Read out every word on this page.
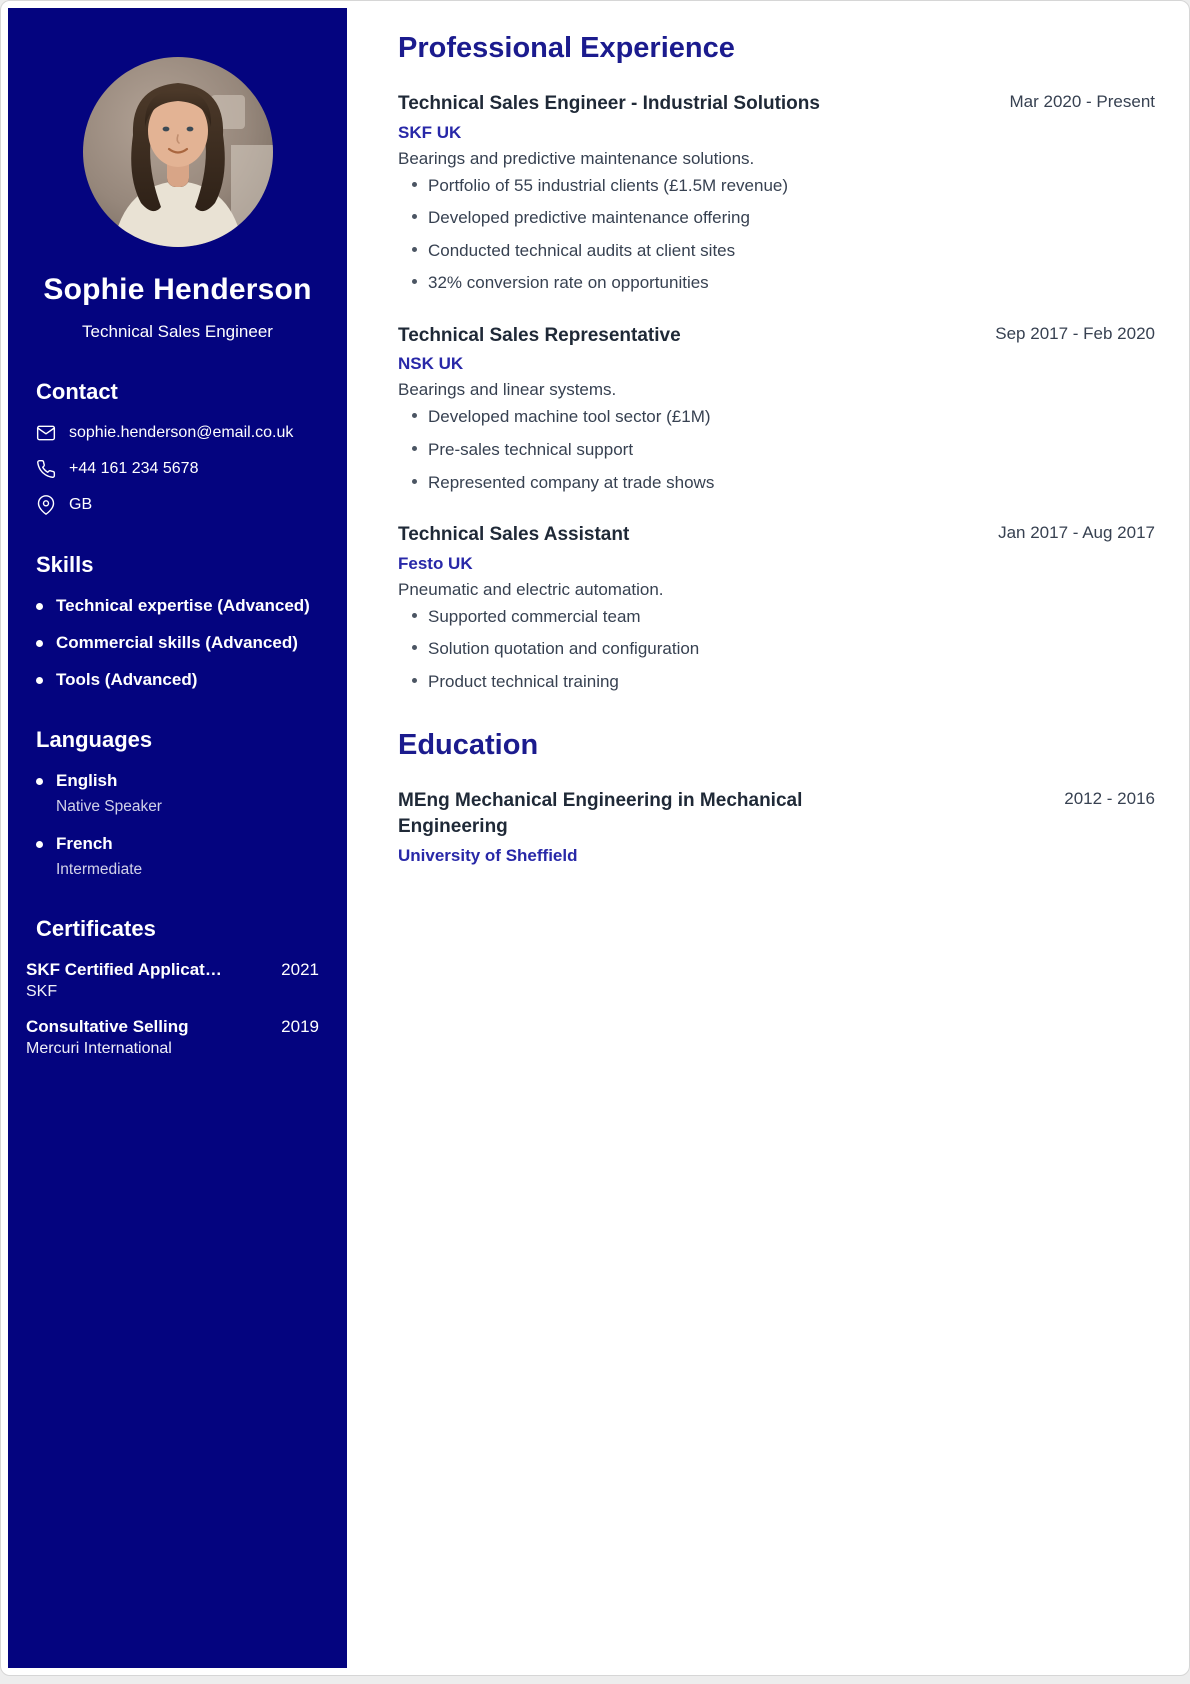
Sophie Henderson
Technical Sales Engineer
Contact
sophie.henderson@email.co.uk
+44 161 234 5678
GB
Skills
Technical expertise (Advanced)
Commercial skills (Advanced)
Tools (Advanced)
Languages
English
Native Speaker
French
Intermediate
Certificates
SKF Certified Applicat…	2021
SKF
Consultative Selling	2019
Mercuri International
Professional Experience
Technical Sales Engineer - Industrial Solutions	Mar 2020 - Present
SKF UK
Bearings and predictive maintenance solutions.
Portfolio of 55 industrial clients (£1.5M revenue)
Developed predictive maintenance offering
Conducted technical audits at client sites
32% conversion rate on opportunities
Technical Sales Representative	Sep 2017 - Feb 2020
NSK UK
Bearings and linear systems.
Developed machine tool sector (£1M)
Pre-sales technical support
Represented company at trade shows
Technical Sales Assistant	Jan 2017 - Aug 2017
Festo UK
Pneumatic and electric automation.
Supported commercial team
Solution quotation and configuration
Product technical training
Education
MEng Mechanical Engineering in Mechanical Engineering
2012 - 2016
University of Sheffield
